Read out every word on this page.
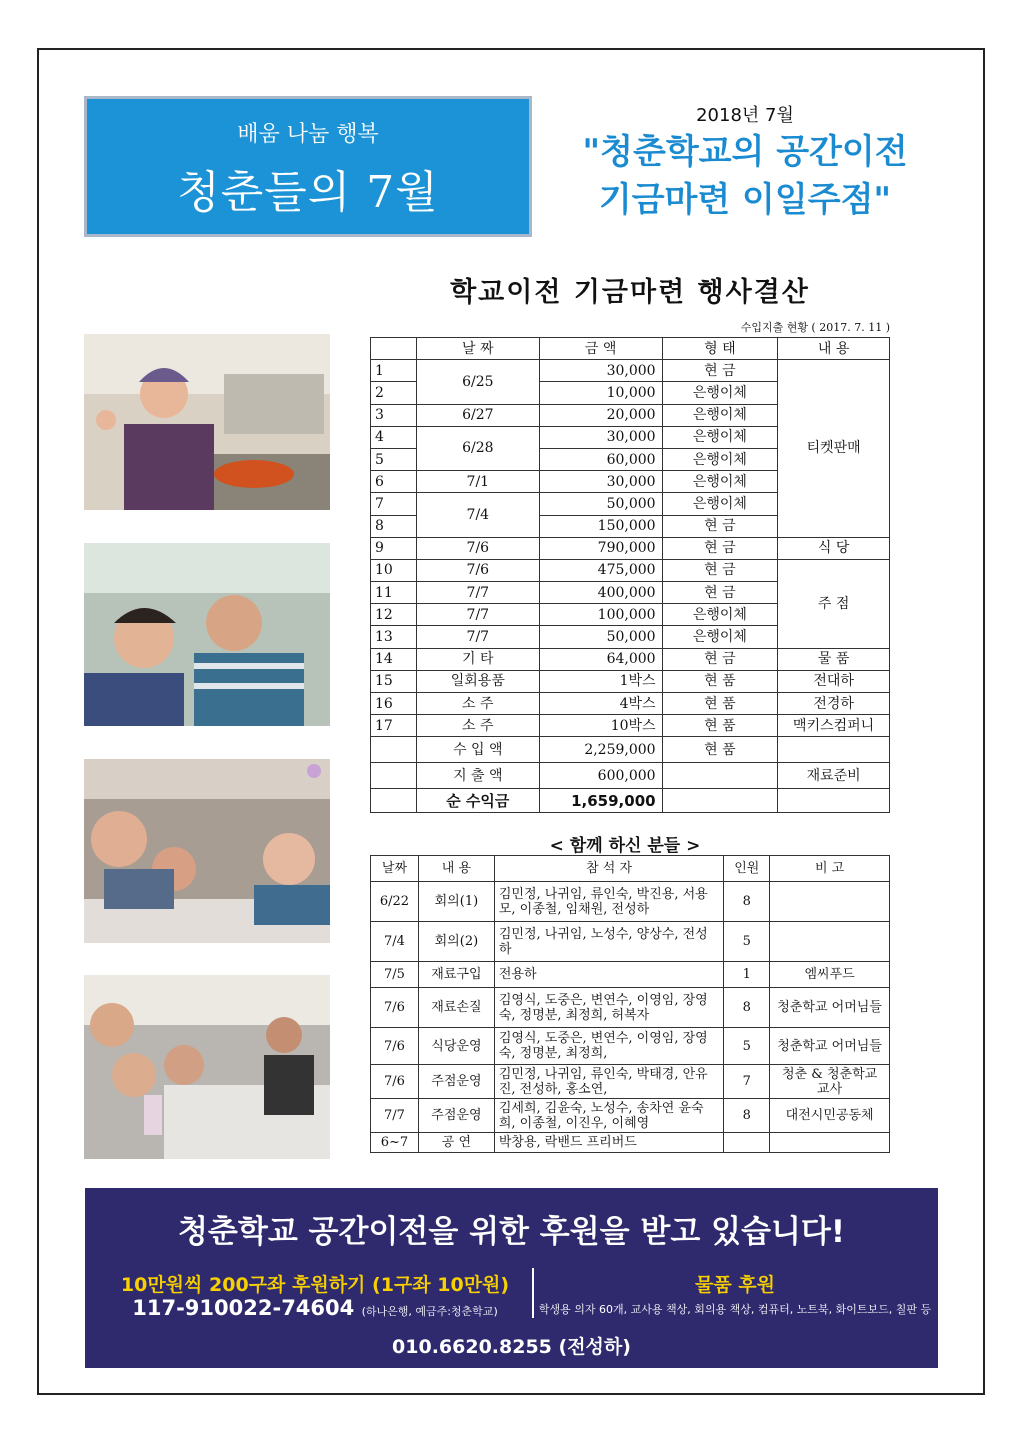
배움 나눔 행복
청춘들의 7월
2018년 7월
"청춘학교의 공간이전
기금마련 이일주점"
학교이전 기금마련 행사결산
수입지출 현황 ( 2017. 7. 11 )
	날 짜	금 액	형 태	내 용
1	6/25	30,000	현 금	티켓판매
2		10,000	은행이체	
3	6/27	20,000	은행이체	
4	6/28	30,000	은행이체	
5		60,000	은행이체	
6	7/1	30,000	은행이체	
7	7/4	50,000	은행이체	
8		150,000	현 금	
9	7/6	790,000	현 금	식 당
10	7/6	475,000	현 금	주 점
11	7/7	400,000	현 금	
12	7/7	100,000	은행이체	
13	7/7	50,000	은행이체	
14	기 타	64,000	현 금	물 품
15	일회용품	1박스	현 품	전대하
16	소 주	4박스	현 품	전경하
17	소 주	10박스	현 품	맥키스컴퍼니
	수 입 액	2,259,000	현 품	
	지 출 액	600,000		재료준비
	순 수익금	1,659,000		
< 함께 하신 분들 >
날짜	내 용	참 석 자	인원	비 고
6/22	회의(1)	김민정, 나귀임, 류인숙, 박진용, 서용모, 이종철, 임채원, 전성하	8	
7/4	회의(2)	김민정, 나귀임, 노성수, 양상수, 전성하	5	
7/5	재료구입	전용하	1	엠씨푸드
7/6	재료손질	김영식, 도중은, 변연수, 이영임, 장영숙, 정명분, 최정희, 허복자	8	청춘학교 어머님들
7/6	식당운영	김영식, 도중은, 변연수, 이영임, 장영숙, 정명분, 최정희,	5	청춘학교 어머님들
7/6	주점운영	김민정, 나귀임, 류인숙, 박태경, 안유진, 전성하, 홍소연,	7	청춘 & 청춘학교 교사
7/7	주점운영	김세희, 김윤숙, 노성수, 송차연 윤숙희, 이종철, 이진우, 이혜영	8	대전시민공동체
6~7	공 연	박창용, 락밴드 프리버드		
청춘학교 공간이전을 위한 후원을 받고 있습니다!
10만원씩 200구좌 후원하기 (1구좌 10만원)
117-910022-74604 (하나은행, 예금주:청춘학교)
물품 후원
학생용 의자 60개, 교사용 책상, 회의용 책상, 컴퓨터, 노트북, 화이트보드, 칠판 등
010.6620.8255 (전성하)
